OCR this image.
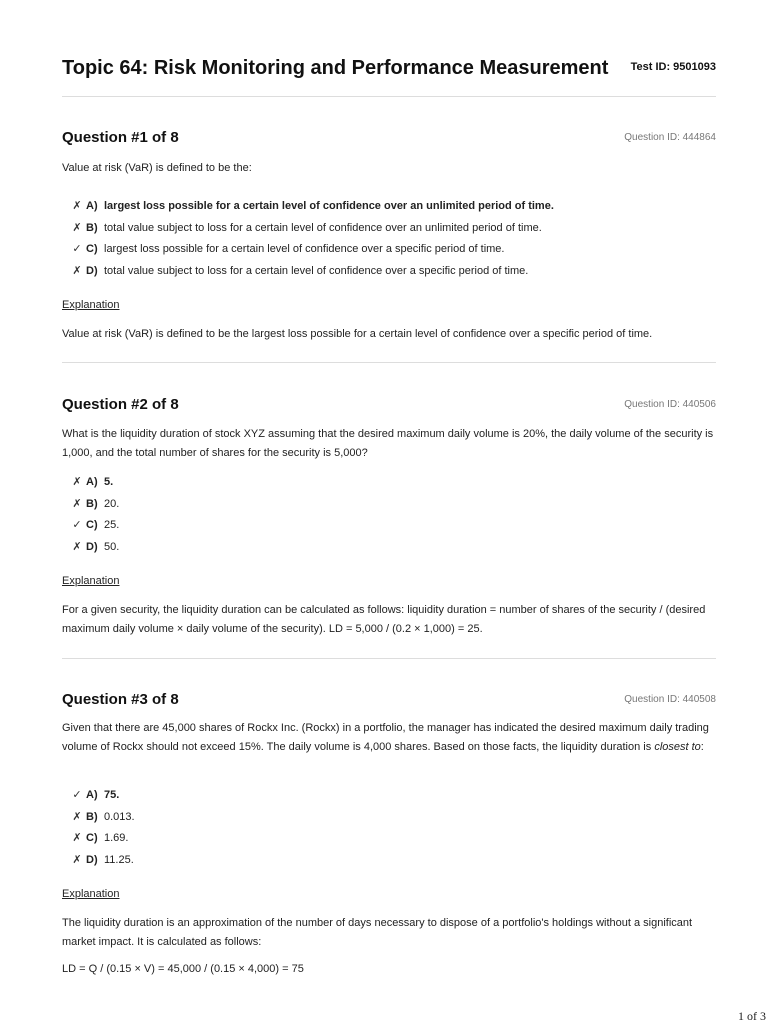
Topic 64: Risk Monitoring and Performance Measurement Test ID: 9501093
Question #1 of 8	Question ID: 444864

Value at risk (VaR) is defined to be the:

✗ A) largest loss possible for a certain level of confidence over an unlimited period of time.
✗ B) total value subject to loss for a certain level of confidence over an unlimited period of time.
✓ C) largest loss possible for a certain level of confidence over a specific period of time.
✗ D) total value subject to loss for a certain level of confidence over a specific period of time.
Explanation

Value at risk (VaR) is defined to be the largest loss possible for a certain level of confidence over a specific period of time.

Question #2 of 8	Question ID: 440506

What is the liquidity duration of stock XYZ assuming that the desired maximum daily volume is 20%, the daily volume of the security is 1,000, and the total number of shares for the security is 5,000?

✗ A) 5.
✗ B) 20.
✓ C) 25.
✗ D) 50.
Explanation

For a given security, the liquidity duration can be calculated as follows: liquidity duration = number of shares of the security / (desired maximum daily volume × daily volume of the security). LD = 5,000 / (0.2 × 1,000) = 25.

Question #3 of 8	Question ID: 440508

Given that there are 45,000 shares of Rockx Inc. (Rockx) in a portfolio, the manager has indicated the desired maximum daily trading volume of Rockx should not exceed 15%. The daily volume is 4,000 shares. Based on those facts, the liquidity duration is closest to:

✓ A) 75.
✗ B) 0.013.
✗ C) 1.69.
✗ D) 11.25.
Explanation

The liquidity duration is an approximation of the number of days necessary to dispose of a portfolio's holdings without a significant market impact. It is calculated as follows:

LD = Q / (0.15 × V) = 45,000 / (0.15 × 4,000) = 75

1 of 3
